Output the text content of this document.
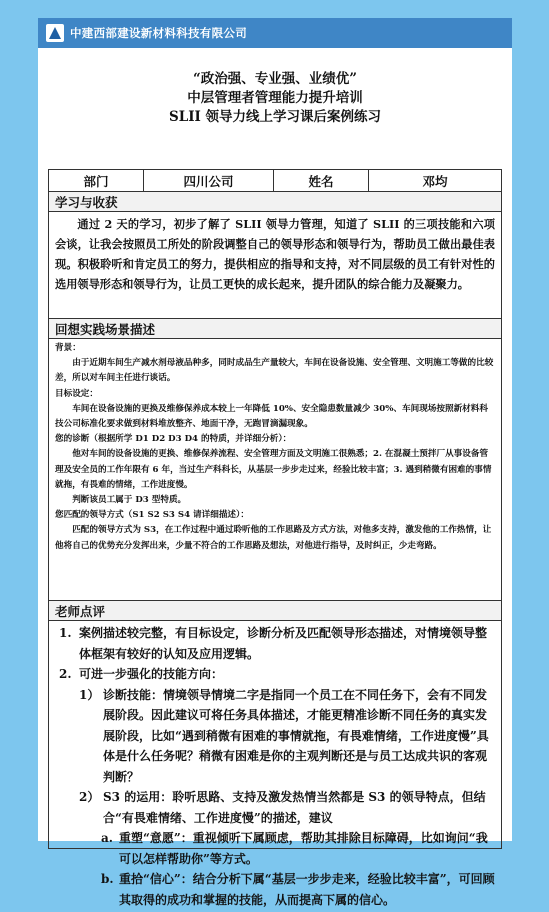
中建西部建设新材料科技有限公司
“政治强、专业强、业绩优”
中层管理者管理能力提升培训
SLII 领导力线上学习课后案例练习
部门	四川公司	姓名	邓均
学习与收获
通过 2 天的学习，初步了解了 SLII 领导力管理，知道了 SLII 的三项技能和六项会谈，让我会按照员工所处的阶段调整自己的领导形态和领导行为，帮助员工做出最佳表现。积极聆听和肯定员工的努力，提供相应的指导和支持，对不同层级的员工有针对性的选用领导形态和领导行为，让员工更快的成长起来，提升团队的综合能力及凝聚力。
回想实践场景描述
背景：
由于近期车间生产减水剂母液品种多，同时成品生产量较大，车间在设备设施、安全管理、文明施工等做的比较差，所以对车间主任进行谈话。
目标设定：
车间在设备设施的更换及维修保养成本较上一年降低 10%、安全隐患数量减少 30%、车间现场按照新材料科技公司标准化要求做到材料堆放整齐、地面干净，无跑冒滴漏现象。
您的诊断（根据所学 D1 D2 D3 D4 的特质，并详细分析）：
他对车间的设备设施的更换、维修保养流程、安全管理方面及文明施工很熟悉；2. 在混凝土预拌厂从事设备管理及安全员的工作年限有 6 年，当过生产科科长，从基层一步步走过来，经验比较丰富；3. 遇到稍微有困难的事情就拖，有畏难的情绪，工作进度慢。
判断该员工属于 D3 型特质。
您匹配的领导方式（S1 S2 S3 S4 请详细描述）：
匹配的领导方式为 S3，在工作过程中通过聆听他的工作思路及方式方法，对他多支持，激发他的工作热情，让他将自己的优势充分发挥出来，少量不符合的工作思路及想法，对他进行指导，及时纠正，少走弯路。
老师点评
1. 案例描述较完整，有目标设定，诊断分析及匹配领导形态描述，对情境领导整体框架有较好的认知及应用逻辑。
2. 可进一步强化的技能方向：
1） 诊断技能：情境领导情境二字是指同一个员工在不同任务下，会有不同发展阶段。因此建议可将任务具体描述，才能更精准诊断不同任务的真实发展阶段，比如“遇到稍微有困难的事情就拖，有畏难情绪，工作进度慢”具体是什么任务呢？稍微有困难是你的主观判断还是与员工达成共识的客观判断？
2） S3 的运用：聆听思路、支持及激发热情当然都是 S3 的领导特点，但结合“有畏难情绪、工作进度慢”的描述，建议
a. 重塑“意愿”：重视倾听下属顾虑，帮助其排除目标障碍，比如询问“我可以怎样帮助你”等方式。
b. 重拾“信心”：结合分析下属“基层一步步走来，经验比较丰富”，可回顾其取得的成功和掌握的技能，从而提高下属的信心。
